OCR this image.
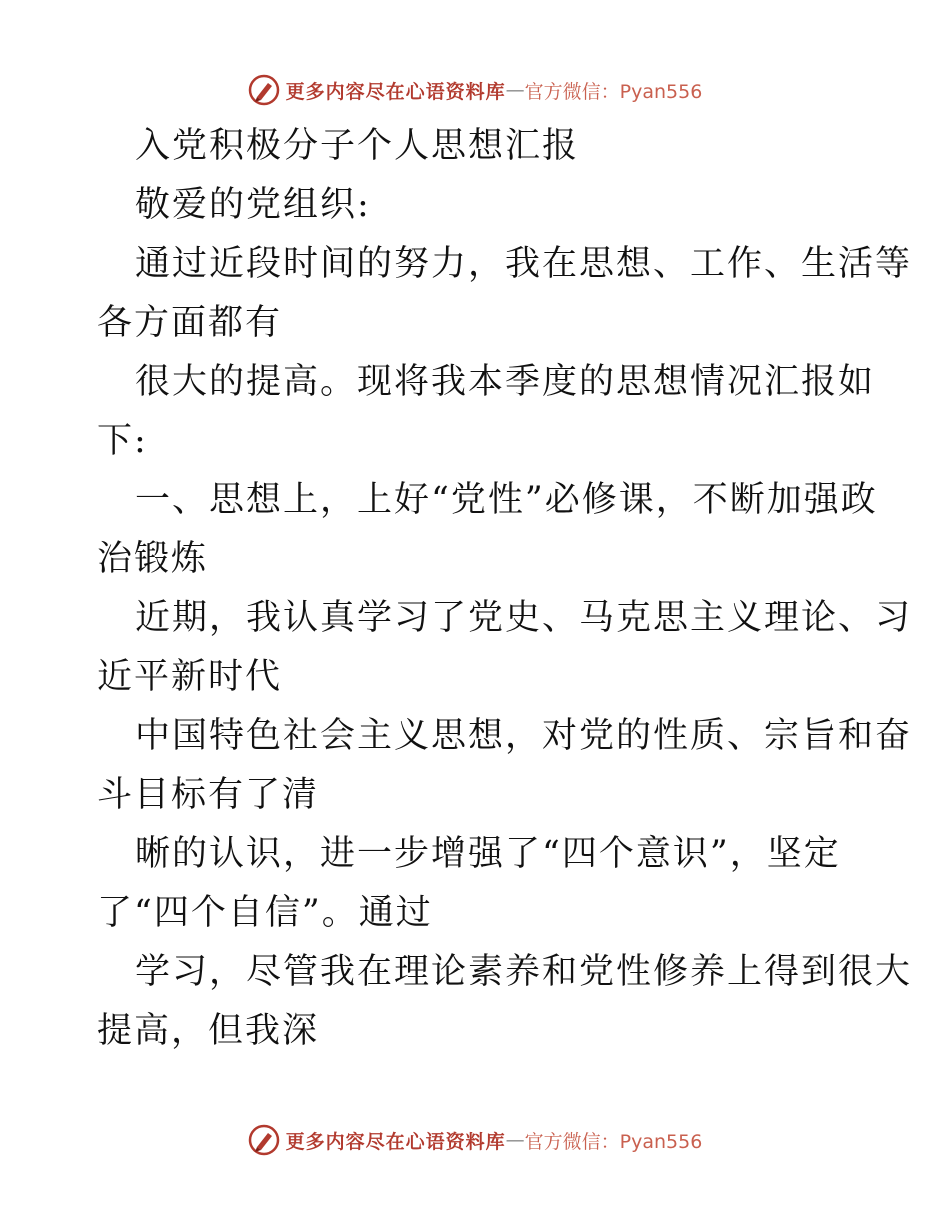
更多内容尽在心语资料库 — 官方微信：Pyan556
入党积极分子个人思想汇报
敬爱的党组织:
通过近段时间的努力，我在思想、工作、生活等
各方面都有
很大的提高。现将我本季度的思想情况汇报如
下:
一、思想上，上好“党性”必修课，不断加强政
治锻炼
近期，我认真学习了党史、马克思主义理论、习
近平新时代
中国特色社会主义思想，对党的性质、宗旨和奋
斗目标有了清
晰的认识，进一步增强了“四个意识”，坚定
了“四个自信”。通过
学习，尽管我在理论素养和党性修养上得到很大
提高，但我深
更多内容尽在心语资料库 — 官方微信：Pyan556
